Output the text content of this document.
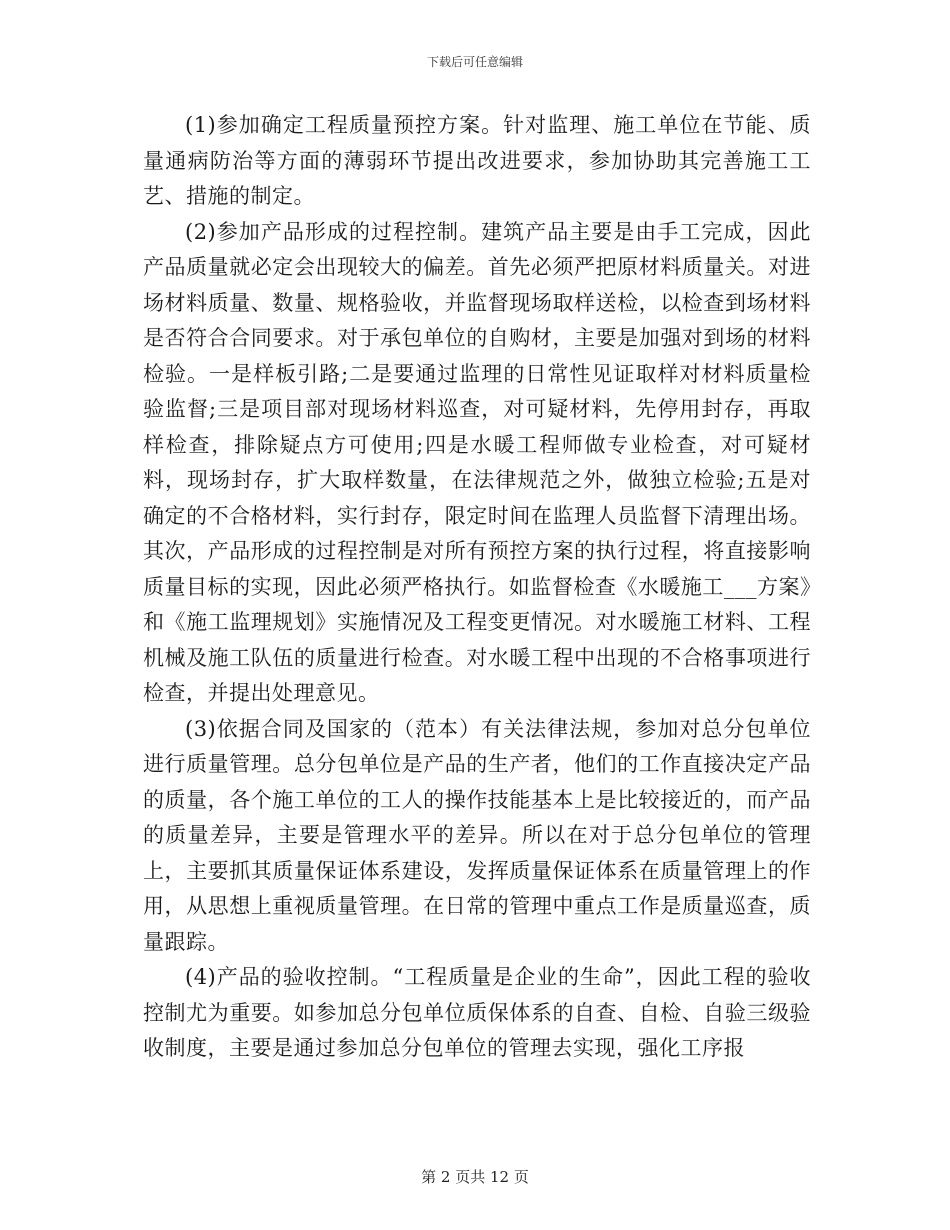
下载后可任意编辑

(1)参加确定工程质量预控方案。针对监理、施工单位在节能、质量通病防治等方面的薄弱环节提出改进要求，参加协助其完善施工工艺、措施的制定。

(2)参加产品形成的过程控制。建筑产品主要是由手工完成，因此产品质量就必定会出现较大的偏差。首先必须严把原材料质量关。对进场材料质量、数量、规格验收，并监督现场取样送检，以检查到场材料是否符合合同要求。对于承包单位的自购材，主要是加强对到场的材料检验。一是样板引路;二是要通过监理的日常性见证取样对材料质量检验监督;三是项目部对现场材料巡查，对可疑材料，先停用封存，再取样检查，排除疑点方可使用;四是水暖工程师做专业检查，对可疑材料，现场封存，扩大取样数量，在法律规范之外，做独立检验;五是对确定的不合格材料，实行封存，限定时间在监理人员监督下清理出场。其次，产品形成的过程控制是对所有预控方案的执行过程，将直接影响质量目标的实现，因此必须严格执行。如监督检查《水暖施工___方案》和《施工监理规划》实施情况及工程变更情况。对水暖施工材料、工程机械及施工队伍的质量进行检查。对水暖工程中出现的不合格事项进行检查，并提出处理意见。

(3)依据合同及国家的（范本）有关法律法规，参加对总分包单位进行质量管理。总分包单位是产品的生产者，他们的工作直接决定产品的质量，各个施工单位的工人的操作技能基本上是比较接近的，而产品的质量差异，主要是管理水平的差异。所以在对于总分包单位的管理上，主要抓其质量保证体系建设，发挥质量保证体系在质量管理上的作用，从思想上重视质量管理。在日常的管理中重点工作是质量巡查，质量跟踪。

(4)产品的验收控制。“工程质量是企业的生命”，因此工程的验收控制尤为重要。如参加总分包单位质保体系的自查、自检、自验三级验收制度，主要是通过参加总分包单位的管理去实现，强化工序报

第 2 页共 12 页
